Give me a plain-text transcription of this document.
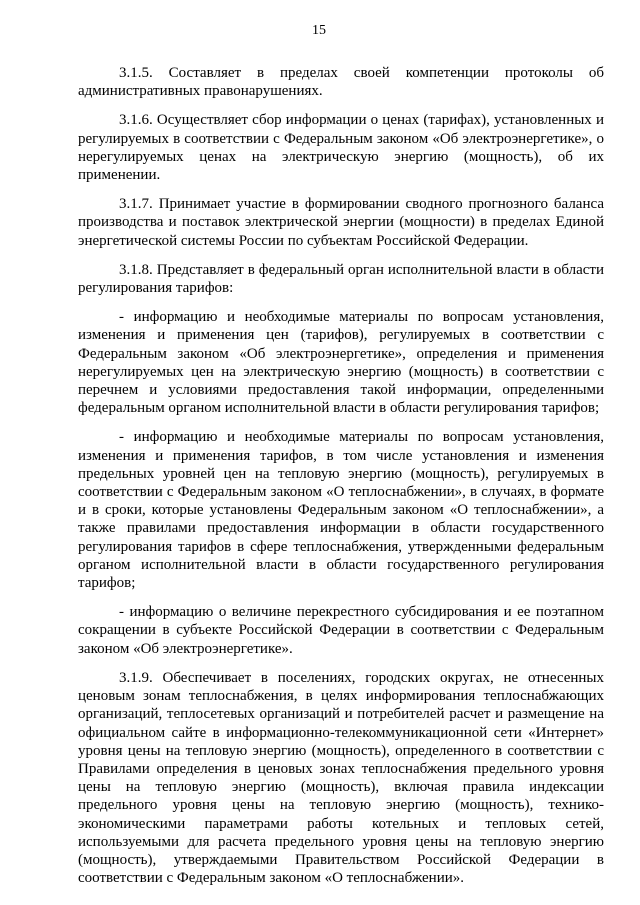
15

3.1.5. Составляет в пределах своей компетенции протоколы об административных правонарушениях.

3.1.6. Осуществляет сбор информации о ценах (тарифах), установленных и регулируемых в соответствии с Федеральным законом «Об электроэнергетике», о нерегулируемых ценах на электрическую энергию (мощность), об их применении.

3.1.7. Принимает участие в формировании сводного прогнозного баланса производства и поставок электрической энергии (мощности) в пределах Единой энергетической системы России по субъектам Российской Федерации.

3.1.8. Представляет в федеральный орган исполнительной власти в области регулирования тарифов:

- информацию и необходимые материалы по вопросам установления, изменения и применения цен (тарифов), регулируемых в соответствии с Федеральным законом «Об электроэнергетике», определения и применения нерегулируемых цен на электрическую энергию (мощность) в соответствии с перечнем и условиями предоставления такой информации, определенными федеральным органом исполнительной власти в области регулирования тарифов;

- информацию и необходимые материалы по вопросам установления, изменения и применения тарифов, в том числе установления и изменения предельных уровней цен на тепловую энергию (мощность), регулируемых в соответствии с Федеральным законом «О теплоснабжении», в случаях, в формате и в сроки, которые установлены Федеральным законом «О теплоснабжении», а также правилами предоставления информации в области государственного регулирования тарифов в сфере теплоснабжения, утвержденными федеральным органом исполнительной власти в области государственного регулирования тарифов;

- информацию о величине перекрестного субсидирования и ее поэтапном сокращении в субъекте Российской Федерации в соответствии с Федеральным законом «Об электроэнергетике».

3.1.9. Обеспечивает в поселениях, городских округах, не отнесенных ценовым зонам теплоснабжения, в целях информирования теплоснабжающих организаций, теплосетевых организаций и потребителей расчет и размещение на официальном сайте в информационно-телекоммуникационной сети «Интернет» уровня цены на тепловую энергию (мощность), определенного в соответствии с Правилами определения в ценовых зонах теплоснабжения предельного уровня цены на тепловую энергию (мощность), включая правила индексации предельного уровня цены на тепловую энергию (мощность), технико-экономическими параметрами работы котельных и тепловых сетей, используемыми для расчета предельного уровня цены на тепловую энергию (мощность), утверждаемыми Правительством Российской Федерации в соответствии с Федеральным законом «О теплоснабжении».
